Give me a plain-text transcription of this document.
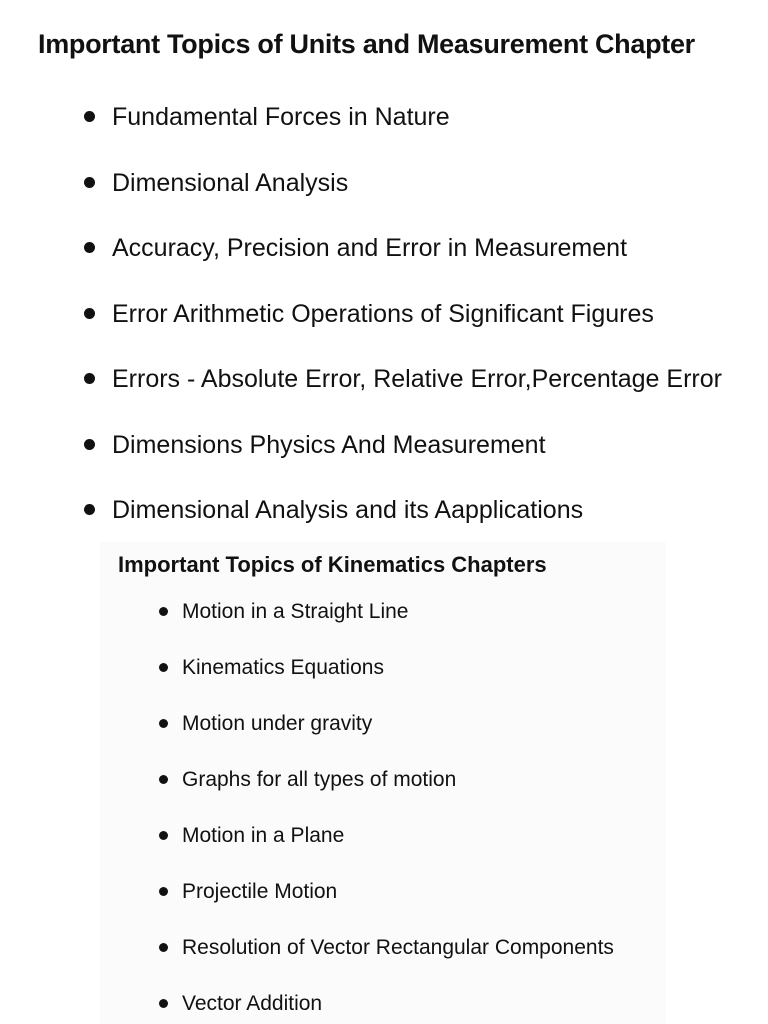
Important Topics of Units and Measurement Chapter
Fundamental Forces in Nature
Dimensional Analysis
Accuracy, Precision and Error in Measurement
Error Arithmetic Operations of Significant Figures
Errors - Absolute Error, Relative Error,Percentage Error
Dimensions Physics And Measurement
Dimensional Analysis and its Aapplications
Important Topics of Kinematics Chapters
Motion in a Straight Line
Kinematics Equations
Motion under gravity
Graphs for all types of motion
Motion in a Plane
Projectile Motion
Resolution of Vector Rectangular Components
Vector Addition
